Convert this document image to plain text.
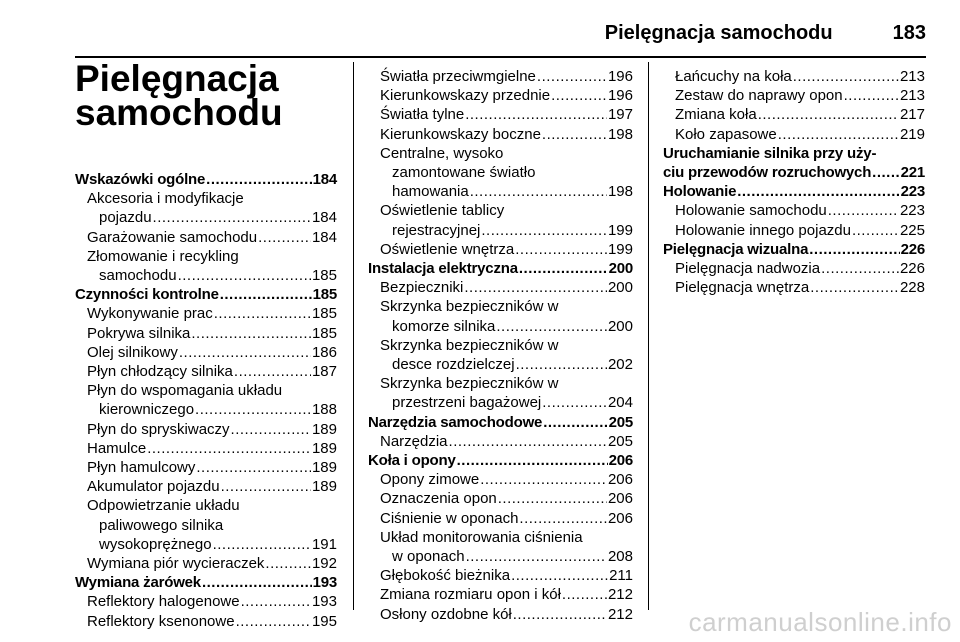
Pielęgnacja samochodu	183
Pielęgnacja
samochodu
Wskazówki ogólne .....	184
Akcesoria i modyfikacje
pojazdu .....	184
Garażowanie samochodu .....	184
Złomowanie i recykling
samochodu .....	185
Czynności kontrolne .....	185
Wykonywanie prac .....	185
Pokrywa silnika .....	185
Olej silnikowy .....	186
Płyn chłodzący silnika .....	187
Płyn do wspomagania układu
kierowniczego .....	188
Płyn do spryskiwaczy .....	189
Hamulce .....	189
Płyn hamulcowy .....	189
Akumulator pojazdu .....	189
Odpowietrzanie układu
paliwowego silnika
wysokoprężnego .....	191
Wymiana piór wycieraczek .....	192
Wymiana żarówek .....	193
Reflektory halogenowe .....	193
Reflektory ksenonowe .....	195
Światła przeciwmgielne .....	196
Kierunkowskazy przednie .....	196
Światła tylne .....	197
Kierunkowskazy boczne .....	198
Centralne, wysoko
zamontowane światło
hamowania .....	198
Oświetlenie tablicy
rejestracyjnej .....	199
Oświetlenie wnętrza .....	199
Instalacja elektryczna .....	200
Bezpieczniki .....	200
Skrzynka bezpieczników w
komorze silnika .....	200
Skrzynka bezpieczników w
desce rozdzielczej .....	202
Skrzynka bezpieczników w
przestrzeni bagażowej .....	204
Narzędzia samochodowe .....	205
Narzędzia .....	205
Koła i opony .....	206
Opony zimowe .....	206
Oznaczenia opon .....	206
Ciśnienie w oponach .....	206
Układ monitorowania ciśnienia
w oponach .....	208
Głębokość bieżnika .....	211
Zmiana rozmiaru opon i kół .....	212
Osłony ozdobne kół .....	212
Łańcuchy na koła .....	213
Zestaw do naprawy opon .....	213
Zmiana koła .....	217
Koło zapasowe .....	219
Uruchamianie silnika przy uży-
ciu przewodów rozruchowych ..... 221
Holowanie .....	223
Holowanie samochodu .....	223
Holowanie innego pojazdu .....	225
Pielęgnacja wizualna .....	226
Pielęgnacja nadwozia .....	226
Pielęgnacja wnętrza .....	228
carmanualsonline.info
